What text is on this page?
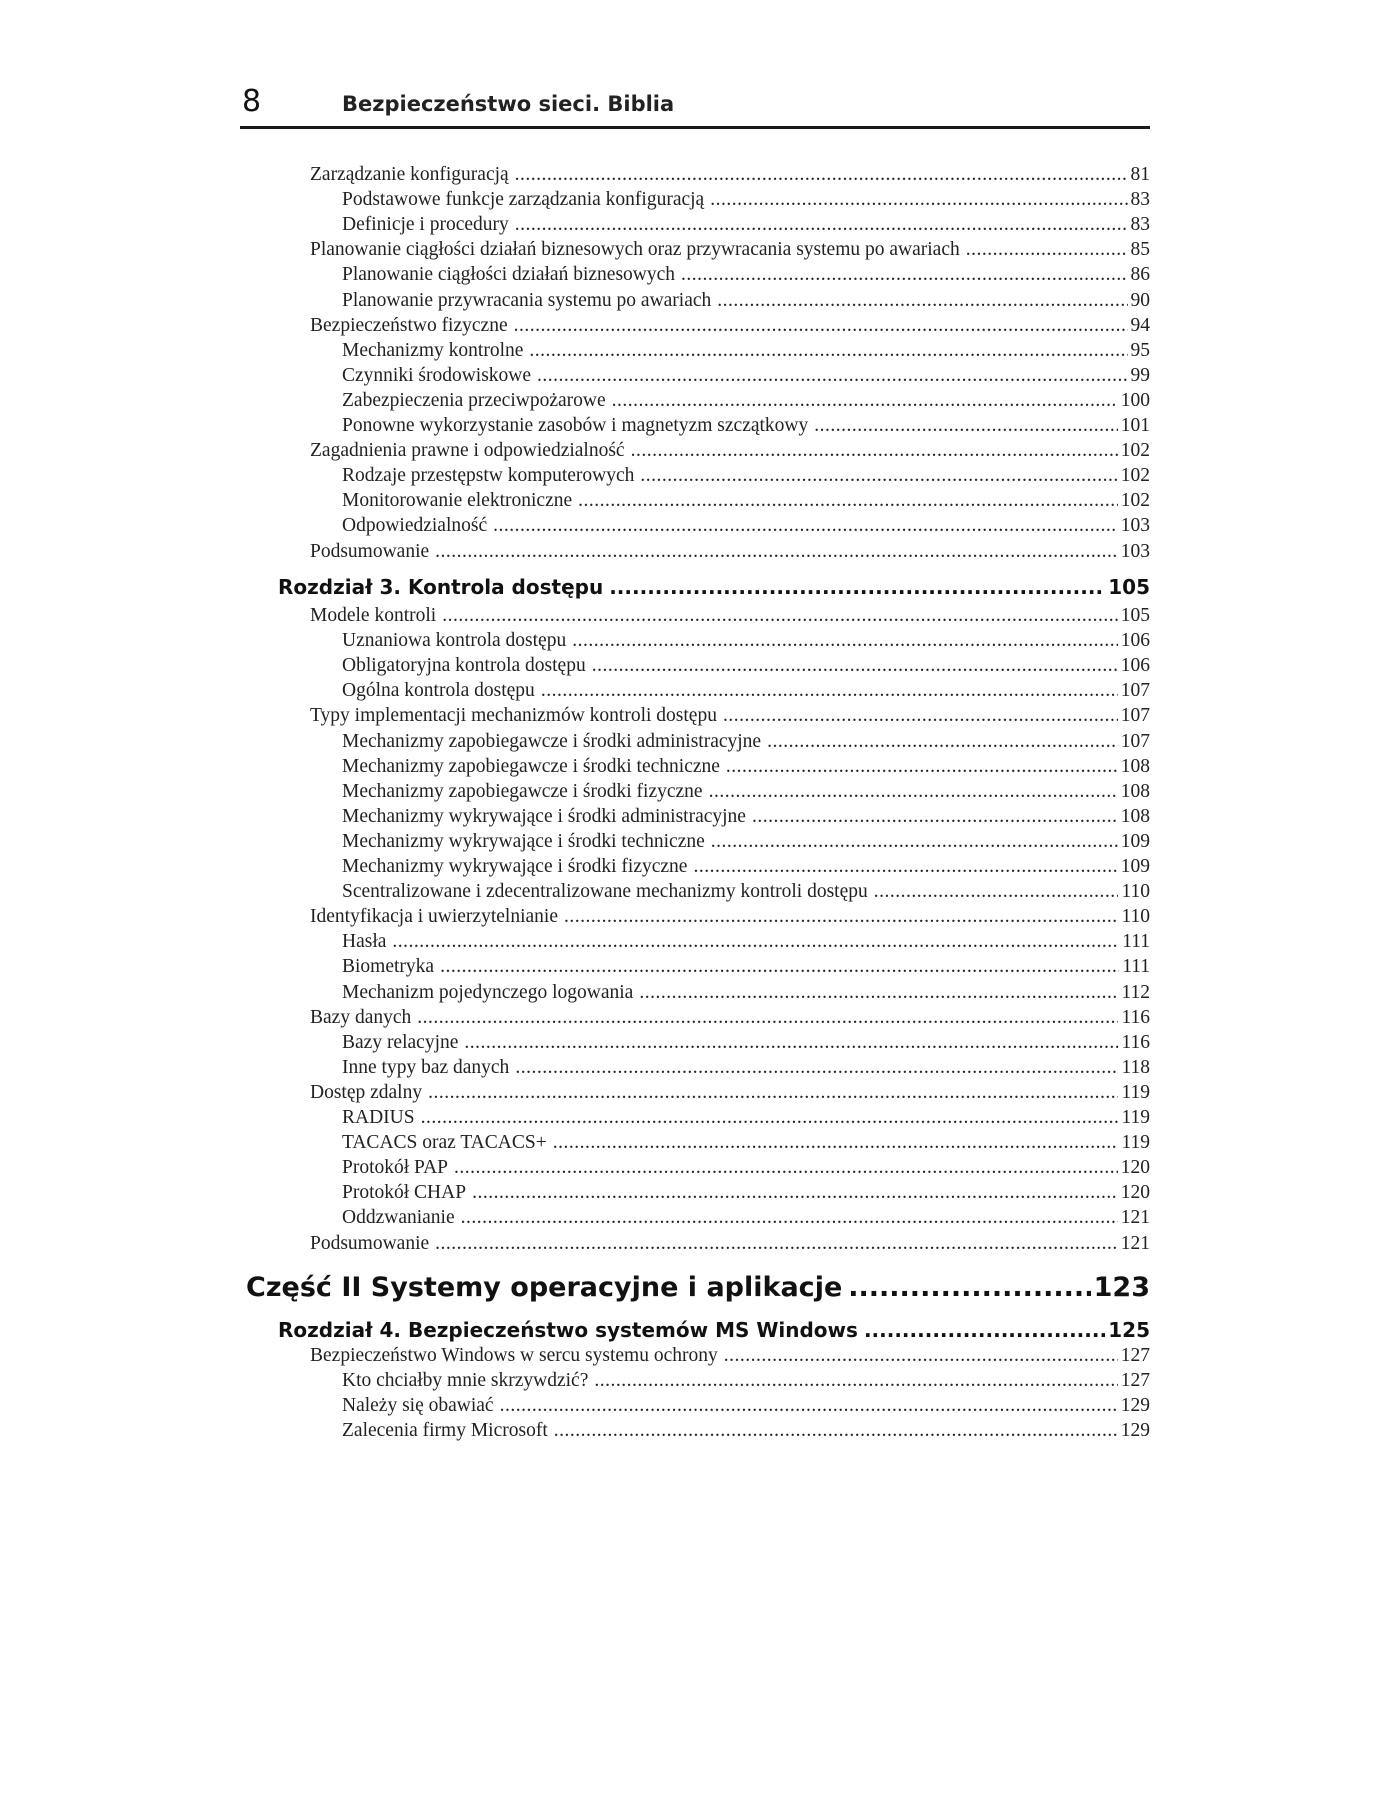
8	Bezpieczeństwo sieci. Biblia
Zarządzanie konfiguracją .....	81
Podstawowe funkcje zarządzania konfiguracją .....	83
Definicje i procedury .....	83
Planowanie ciągłości działań biznesowych oraz przywracania systemu po awariach .....	85
Planowanie ciągłości działań biznesowych .....	86
Planowanie przywracania systemu po awariach .....	90
Bezpieczeństwo fizyczne .....	94
Mechanizmy kontrolne .....	95
Czynniki środowiskowe .....	99
Zabezpieczenia przeciwpożarowe .....	100
Ponowne wykorzystanie zasobów i magnetyzm szczątkowy .....	101
Zagadnienia prawne i odpowiedzialność .....	102
Rodzaje przestępstw komputerowych .....	102
Monitorowanie elektroniczne .....	102
Odpowiedzialność .....	103
Podsumowanie .....	103
Rozdział 3. Kontrola dostępu .....	105
Modele kontroli .....	105
Uznaniowa kontrola dostępu .....	106
Obligatoryjna kontrola dostępu .....	106
Ogólna kontrola dostępu .....	107
Typy implementacji mechanizmów kontroli dostępu .....	107
Mechanizmy zapobiegawcze i środki administracyjne .....	107
Mechanizmy zapobiegawcze i środki techniczne .....	108
Mechanizmy zapobiegawcze i środki fizyczne .....	108
Mechanizmy wykrywające i środki administracyjne .....	108
Mechanizmy wykrywające i środki techniczne .....	109
Mechanizmy wykrywające i środki fizyczne .....	109
Scentralizowane i zdecentralizowane mechanizmy kontroli dostępu .....	110
Identyfikacja i uwierzytelnianie .....	110
Hasła .....	111
Biometryka .....	111
Mechanizm pojedynczego logowania .....	112
Bazy danych .....	116
Bazy relacyjne .....	116
Inne typy baz danych .....	118
Dostęp zdalny .....	119
RADIUS .....	119
TACACS oraz TACACS+ .....	119
Protokół PAP .....	120
Protokół CHAP .....	120
Oddzwanianie .....	121
Podsumowanie .....	121
Część II Systemy operacyjne i aplikacje .....	123
Rozdział 4. Bezpieczeństwo systemów MS Windows .....	125
Bezpieczeństwo Windows w sercu systemu ochrony .....	127
Kto chciałby mnie skrzywdzić? .....	127
Należy się obawiać .....	129
Zalecenia firmy Microsoft .....	129
